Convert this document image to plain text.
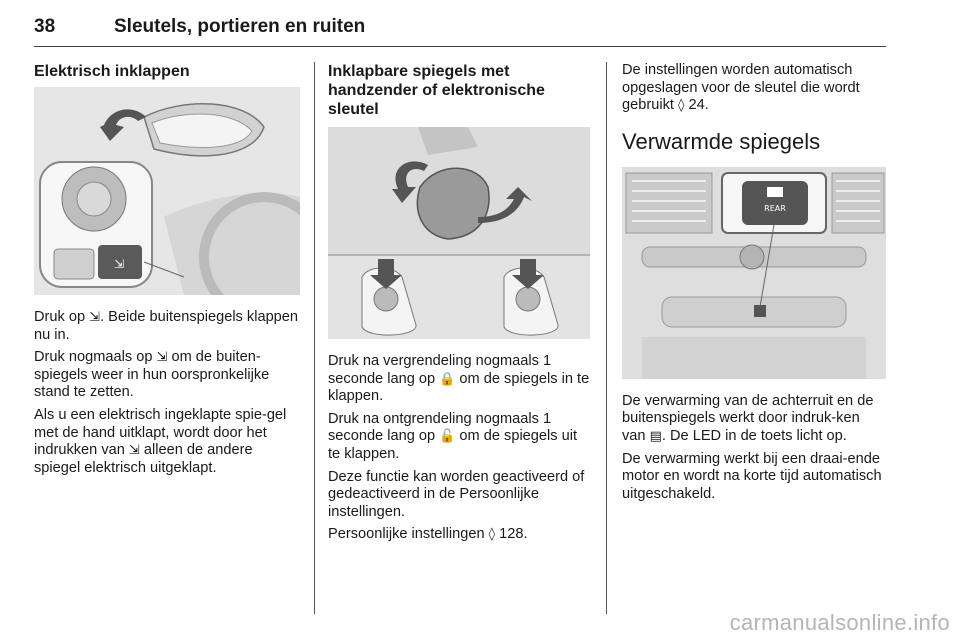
38	Sleutels, portieren en ruiten
Elektrisch inklappen
⇲

Druk op ⇲. Beide buitenspiegels klappen nu in.

Druk nogmaals op ⇲ om de buiten-spiegels weer in hun oorspronkelijke stand te zetten.

Als u een elektrisch ingeklapte spie-gel met de hand uitklapt, wordt door het indrukken van ⇲ alleen de andere spiegel elektrisch uitgeklapt.

Inklapbare spiegels met handzender of elektronische sleutel

Druk na vergrendeling nogmaals 1 seconde lang op 🔒 om de spiegels in te klappen.

Druk na ontgrendeling nogmaals 1 seconde lang op 🔓 om de spiegels uit te klappen.

Deze functie kan worden geactiveerd of gedeactiveerd in de Persoonlijke instellingen.

Persoonlijke instellingen ◊ 128.

De instellingen worden automatisch opgeslagen voor de sleutel die wordt gebruikt ◊ 24.

Verwarmde spiegels
REAR

De verwarming van de achterruit en de buitenspiegels werkt door indruk-ken van ▤. De LED in de toets licht op.

De verwarming werkt bij een draai-ende motor en wordt na korte tijd automatisch uitgeschakeld.

carmanualsonline.info
